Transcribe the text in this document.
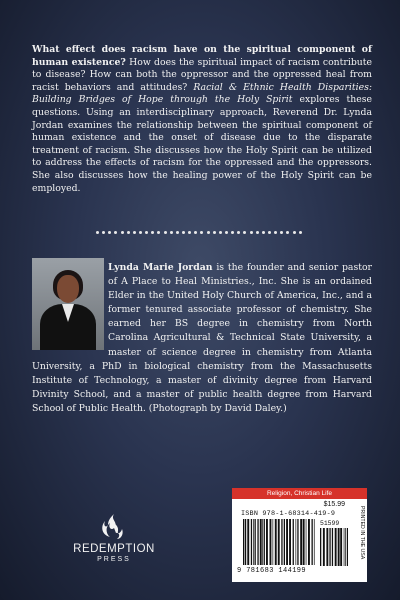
What effect does racism have on the spiritual component of human existence? How does the spiritual impact of racism contribute to disease? How can both the oppressor and the oppressed heal from racist behaviors and attitudes? Racial & Ethnic Health Disparities: Building Bridges of Hope through the Holy Spirit explores these questions. Using an interdisciplinary approach, Reverend Dr. Lynda Jordan examines the relationship between the spiritual component of human existence and the onset of disease due to the disparate treatment of racism. She discusses how the Holy Spirit can be utilized to address the effects of racism for the oppressed and the oppressors. She also discusses how the healing power of the Holy Spirit can be employed.

Lynda Marie Jordan is the founder and senior pastor of A Place to Heal Ministries., Inc. She is an ordained Elder in the United Holy Church of America, Inc., and a former tenured associate professor of chemistry. She earned her BS degree in chemistry from North Carolina Agricultural & Technical State University, a master of science degree in chemistry from Atlanta University, a PhD in biological chemistry from the Massachusetts Institute of Technology, a master of divinity degree from Harvard Divinity School, and a master of public health degree from Harvard School of Public Health. (Photograph by David Daley.)

REDEMPTION
PRESS
Religion, Christian Life
$15.99
ISBN 978-1-68314-419-9
51599
9 781683 144199
PRINTED IN THE USA
